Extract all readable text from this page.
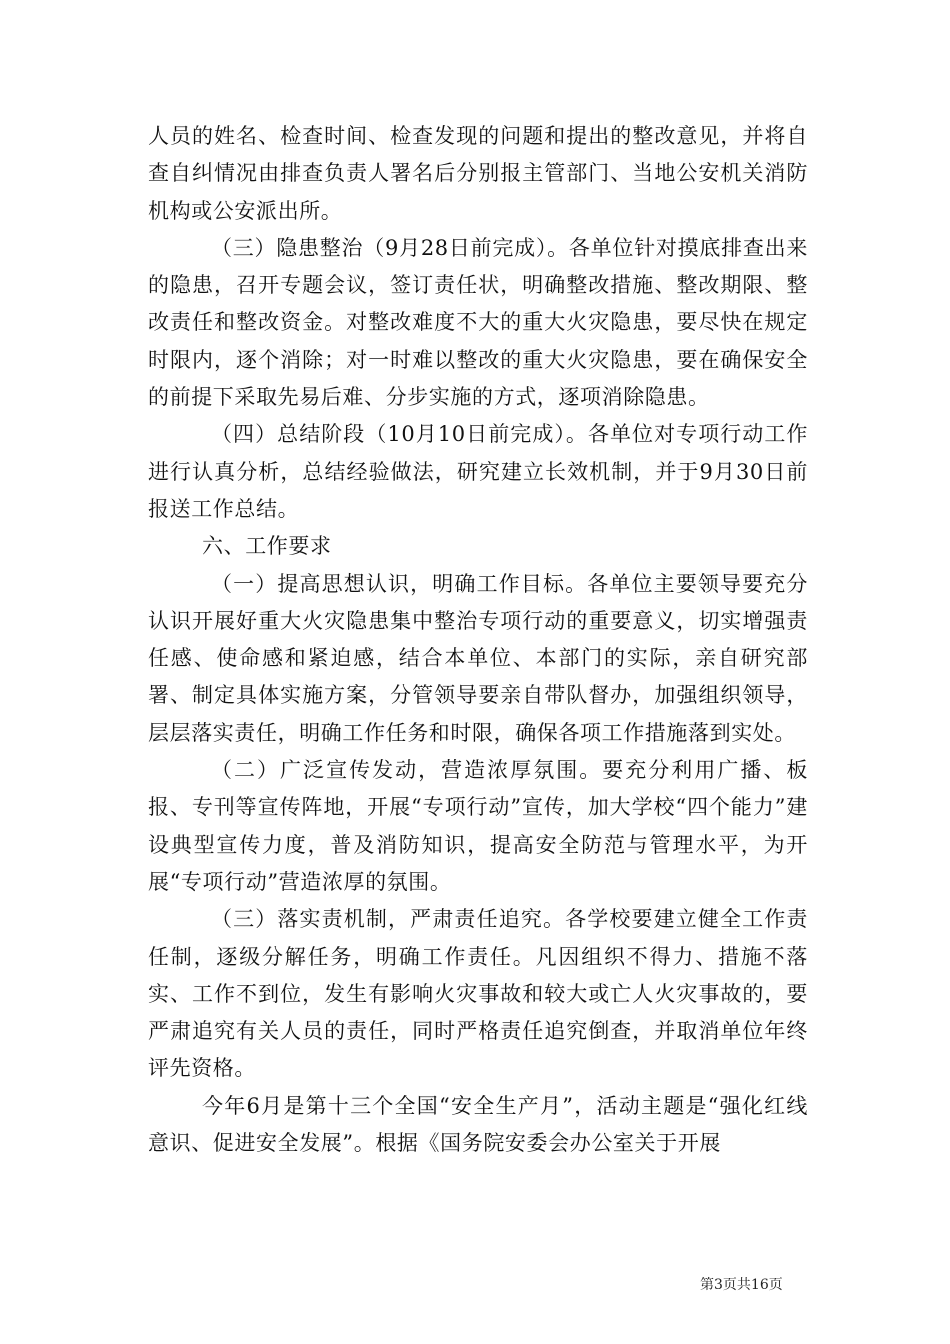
人员的姓名、检查时间、检查发现的问题和提出的整改意见，并将自查自纠情况由排查负责人署名后分别报主管部门、当地公安机关消防机构或公安派出所。

（三）隐患整治（9月28日前完成）。各单位针对摸底排查出来的隐患，召开专题会议，签订责任状，明确整改措施、整改期限、整改责任和整改资金。对整改难度不大的重大火灾隐患，要尽快在规定时限内，逐个消除；对一时难以整改的重大火灾隐患，要在确保安全的前提下采取先易后难、分步实施的方式，逐项消除隐患。

（四）总结阶段（10月10日前完成）。各单位对专项行动工作进行认真分析，总结经验做法，研究建立长效机制，并于9月30日前报送工作总结。

六、工作要求

（一）提高思想认识，明确工作目标。各单位主要领导要充分认识开展好重大火灾隐患集中整治专项行动的重要意义，切实增强责任感、使命感和紧迫感，结合本单位、本部门的实际，亲自研究部署、制定具体实施方案，分管领导要亲自带队督办，加强组织领导，层层落实责任，明确工作任务和时限，确保各项工作措施落到实处。

（二）广泛宣传发动，营造浓厚氛围。要充分利用广播、板报、专刊等宣传阵地，开展“专项行动”宣传，加大学校“四个能力”建设典型宣传力度，普及消防知识，提高安全防范与管理水平，为开展“专项行动”营造浓厚的氛围。

（三）落实责机制，严肃责任追究。各学校要建立健全工作责任制，逐级分解任务，明确工作责任。凡因组织不得力、措施不落实、工作不到位，发生有影响火灾事故和较大或亡人火灾事故的，要严肃追究有关人员的责任，同时严格责任追究倒查，并取消单位年终评先资格。

今年6月是第十三个全国“安全生产月”，活动主题是“强化红线意识、促进安全发展”。根据《国务院安委会办公室关于开展

第3页共16页
